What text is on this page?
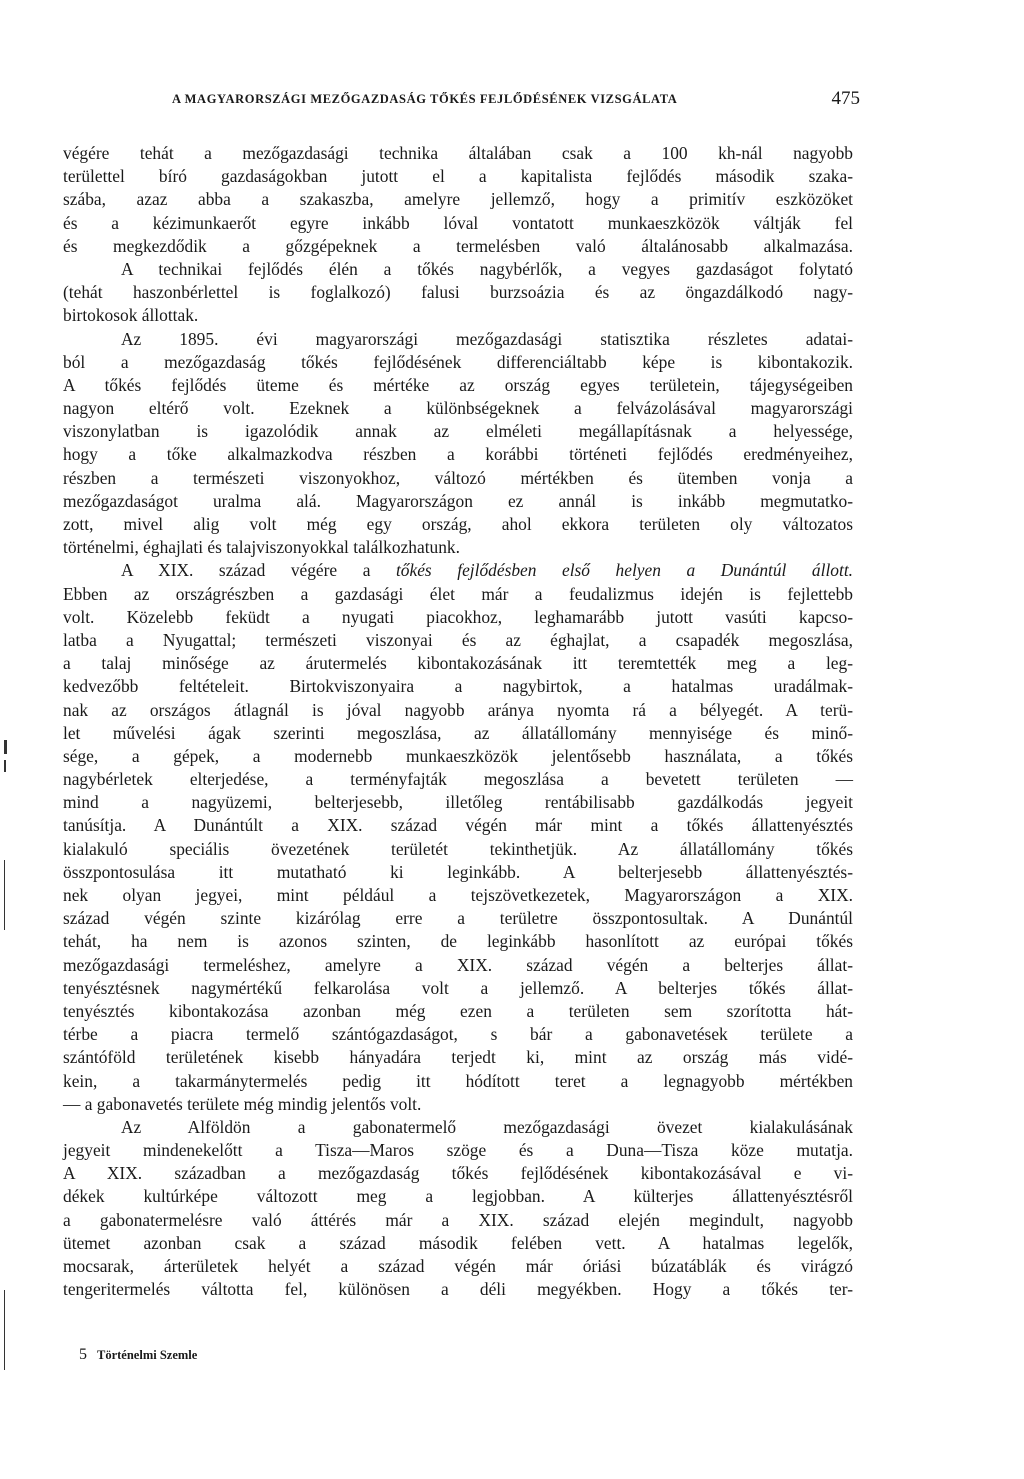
A MAGYARORSZÁGI MEZŐGAZDASÁG TŐKÉS FEJLŐDÉSÉNEK VIZSGÁLATA	475
végére tehát a mezőgazdasági technika általában csak a 100 kh-nál nagyobb
területtel bíró gazdaságokban jutott el a kapitalista fejlődés második szaka-
szába, azaz abba a szakaszba, amelyre jellemző, hogy a primitív eszközöket
és a kézimunkaerőt egyre inkább lóval vontatott munkaeszközök váltják fel
és megkezdődik a gőzgépeknek a termelésben való általánosabb alkalmazása.
A technikai fejlődés élén a tőkés nagybérlők, a vegyes gazdaságot folytató
(tehát haszonbérlettel is foglalkozó) falusi burzsoázia és az öngazdálkodó nagy-
birtokosok állottak.
Az 1895. évi magyarországi mezőgazdasági statisztika részletes adatai-
ból a mezőgazdaság tőkés fejlődésének differenciáltabb képe is kibontakozik.
A tőkés fejlődés üteme és mértéke az ország egyes területein, tájegységeiben
nagyon eltérő volt. Ezeknek a különbségeknek a felvázolásával magyarországi
viszonylatban is igazolódik annak az elméleti megállapításnak a helyessége,
hogy a tőke alkalmazkodva részben a korábbi történeti fejlődés eredményeihez,
részben a természeti viszonyokhoz, változó mértékben és ütemben vonja a
mezőgazdaságot uralma alá. Magyarországon ez annál is inkább megmutatko-
zott, mivel alig volt még egy ország, ahol ekkora területen oly változatos
történelmi, éghajlati és talajviszonyokkal találkozhatunk.
A XIX. század végére a tőkés fejlődésben első helyen a Dunántúl állott.
Ebben az országrészben a gazdasági élet már a feudalizmus idején is fejlettebb
volt. Közelebb feküdt a nyugati piacokhoz, leghamarább jutott vasúti kapcso-
latba a Nyugattal; természeti viszonyai és az éghajlat, a csapadék megoszlása,
a talaj minősége az árutermelés kibontakozásának itt teremtették meg a leg-
kedvezőbb feltételeit. Birtokviszonyaira a nagybirtok, a hatalmas uradálmak-
nak az országos átlagnál is jóval nagyobb aránya nyomta rá a bélyegét. A terü-
let művelési ágak szerinti megoszlása, az állatállomány mennyisége és minő-
sége, a gépek, a modernebb munkaeszközök jelentősebb használata, a tőkés
nagybérletek elterjedése, a terményfajták megoszlása a bevetett területen —
mind a nagyüzemi, belterjesebb, illetőleg rentábilisabb gazdálkodás jegyeit
tanúsítja. A Dunántúlt a XIX. század végén már mint a tőkés állattenyésztés
kialakuló speciális övezetének területét tekinthetjük. Az állatállomány tőkés
összpontosulása itt mutatható ki leginkább. A belterjesebb állattenyésztés-
nek olyan jegyei, mint például a tejszövetkezetek, Magyarországon a XIX.
század végén szinte kizárólag erre a területre összpontosultak. A Dunántúl
tehát, ha nem is azonos szinten, de leginkább hasonlított az európai tőkés
mezőgazdasági termeléshez, amelyre a XIX. század végén a belterjes állat-
tenyésztésnek nagymértékű felkarolása volt a jellemző. A belterjes tőkés állat-
tenyésztés kibontakozása azonban még ezen a területen sem szorította hát-
térbe a piacra termelő szántógazdaságot, s bár a gabonavetések területe a
szántóföld területének kisebb hányadára terjedt ki, mint az ország más vidé-
kein, a takarmánytermelés pedig itt hódított teret a legnagyobb mértékben
— a gabonavetés területe még mindig jelentős volt.
Az Alföldön a gabonatermelő mezőgazdasági övezet kialakulásának
jegyeit mindenekelőtt a Tisza—Maros szöge és a Duna—Tisza köze mutatja.
A XIX. században a mezőgazdaság tőkés fejlődésének kibontakozásával e vi-
dékek kultúrképe változott meg a legjobban. A külterjes állattenyésztésről
a gabonatermelésre való áttérés már a XIX. század elején megindult, nagyobb
ütemet azonban csak a század második felében vett. A hatalmas legelők,
mocsarak, árterületek helyét a század végén már óriási búzatáblák és virágzó
tengeritermelés váltotta fel, különösen a déli megyékben. Hogy a tőkés ter-
5 Történelmi Szemle
